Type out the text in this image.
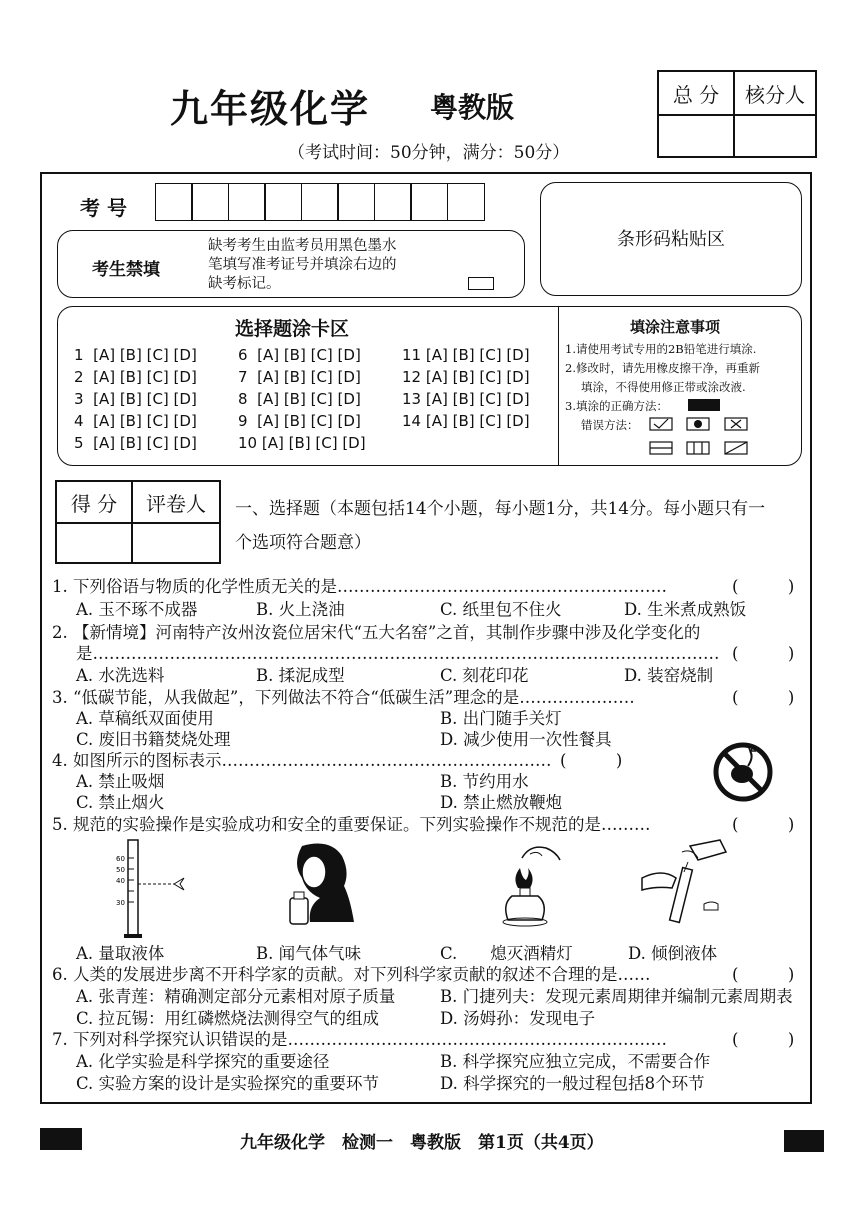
九年级化学 粤教版
（考试时间：50分钟，满分：50分）
总 分	核分人

考 号
条形码粘贴区
考生禁填
缺考考生由监考员用黑色墨水
笔填写准考证号并填涂右边的
缺考标记。
选择题涂卡区
1 [A] [B] [C] [D]
2 [A] [B] [C] [D]
3 [A] [B] [C] [D]
4 [A] [B] [C] [D]
5 [A] [B] [C] [D]
6 [A] [B] [C] [D]
7 [A] [B] [C] [D]
8 [A] [B] [C] [D]
9 [A] [B] [C] [D]
10 [A] [B] [C] [D]
11 [A] [B] [C] [D]
12 [A] [B] [C] [D]
13 [A] [B] [C] [D]
14 [A] [B] [C] [D]
填涂注意事项
1.请使用考试专用的2B铅笔进行填涂.
2.修改时，请先用橡皮擦干净，再重新
填涂，不得使用修正带或涂改液.
3.填涂的正确方法：
错误方法：
得 分	评卷人
	一、选择题（本题包括14个小题，每小题1分，共14分。每小题只有一
个选项符合题意）
1. 下列俗语与物质的化学性质无关的是……………………………………………………	(　　　)
A. 玉不琢不成器	B. 火上浇油	C. 纸里包不住火	D. 生米煮成熟饭
2. 【新情境】河南特产汝州汝瓷位居宋代“五大名窑”之首，其制作步骤中涉及化学变化的
是…………………………………………………………………………………………………… (　　　)
A. 水洗选料	B. 揉泥成型	C. 刻花印花	D. 装窑烧制
3. “低碳节能，从我做起”，下列做法不符合“低碳生活”理念的是…………………	(　　　)
A. 草稿纸双面使用	B. 出门随手关灯
C. 废旧书籍焚烧处理	D. 减少使用一次性餐具
4. 如图所示的图标表示…………………………………………………… (　　　)
A. 禁止吸烟	B. 节约用水
C. 禁止烟火	D. 禁止燃放鞭炮
5. 规范的实验操作是实验成功和安全的重要保证。下列实验操作不规范的是………	(　　　)
60
50
40
30
A. 量取液体	B. 闻气体气味	C.　　熄灭酒精灯	D. 倾倒液体
6. 人类的发展进步离不开科学家的贡献。对下列科学家贡献的叙述不合理的是……	(　　　)
A. 张青莲：精确测定部分元素相对原子质量	B. 门捷列夫：发现元素周期律并编制元素周期表
C. 拉瓦锡：用红磷燃烧法测得空气的组成	D. 汤姆孙：发现电子
7. 下列对科学探究认识错误的是……………………………………………………………	(　　　)
A. 化学实验是科学探究的重要途径	B. 科学探究应独立完成，不需要合作
C. 实验方案的设计是实验探究的重要环节	D. 科学探究的一般过程包括8个环节
九年级化学　检测一　粤教版　第1页（共4页）
